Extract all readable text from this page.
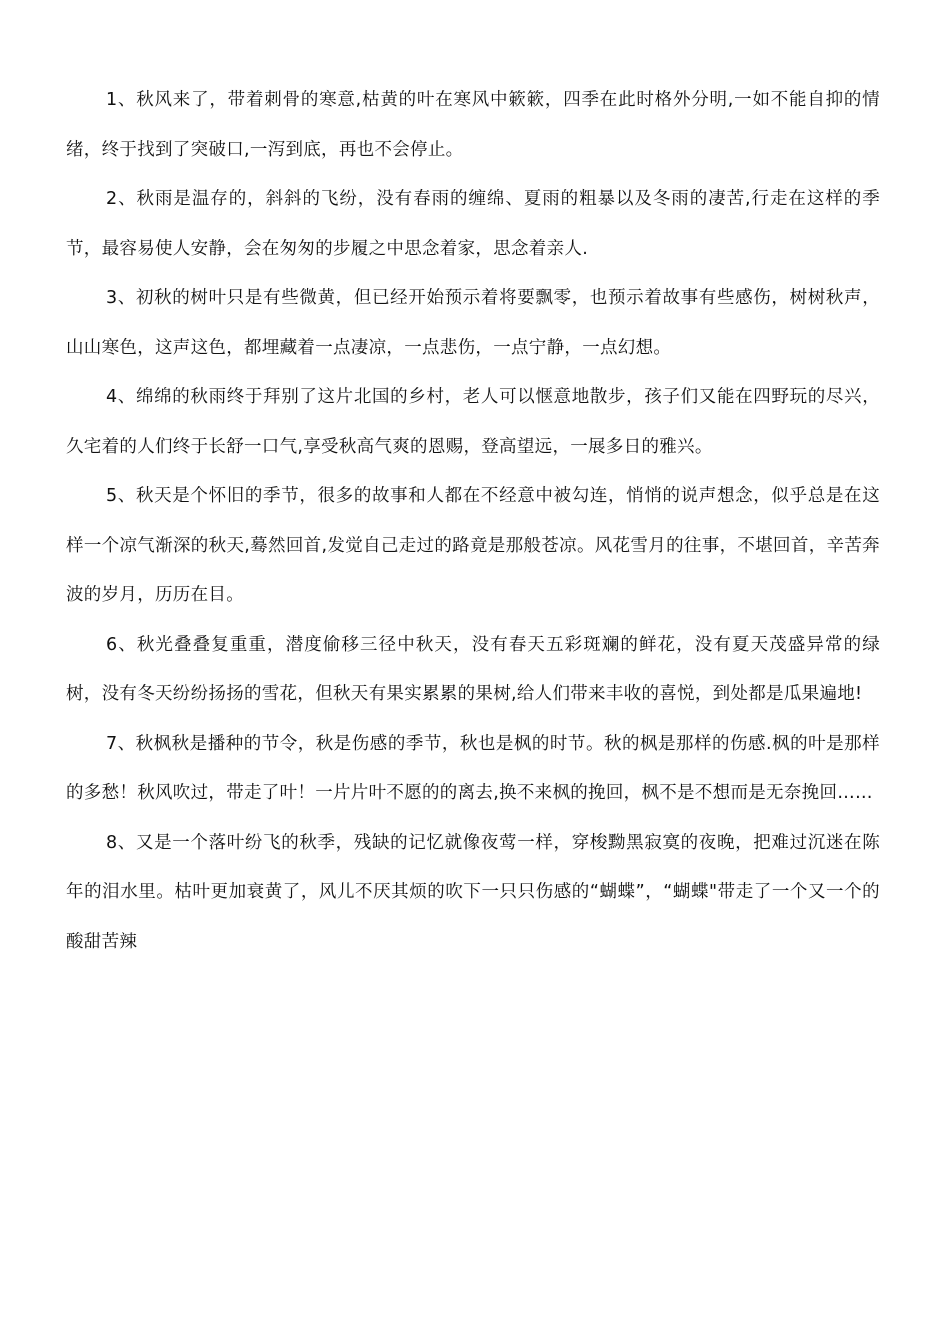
1、秋风来了，带着刺骨的寒意,枯黄的叶在寒风中簌簌，四季在此时格外分明,一如不能自抑的情绪，终于找到了突破口,一泻到底，再也不会停止。

2、秋雨是温存的，斜斜的飞纷，没有春雨的缠绵、夏雨的粗暴以及冬雨的凄苦,行走在这样的季节，最容易使人安静，会在匆匆的步履之中思念着家，思念着亲人.

3、初秋的树叶只是有些微黄，但已经开始预示着将要飘零，也预示着故事有些感伤，树树秋声，山山寒色，这声这色，都埋藏着一点凄凉，一点悲伤，一点宁静，一点幻想。

4、绵绵的秋雨终于拜别了这片北国的乡村，老人可以惬意地散步，孩子们又能在四野玩的尽兴，久宅着的人们终于长舒一口气,享受秋高气爽的恩赐，登高望远，一展多日的雅兴。

5、秋天是个怀旧的季节，很多的故事和人都在不经意中被勾连，悄悄的说声想念，似乎总是在这样一个凉气渐深的秋天,蓦然回首,发觉自己走过的路竟是那般苍凉。风花雪月的往事，不堪回首，辛苦奔波的岁月，历历在目。

6、秋光叠叠复重重，潜度偷移三径中秋天，没有春天五彩斑斓的鲜花，没有夏天茂盛异常的绿树，没有冬天纷纷扬扬的雪花，但秋天有果实累累的果树,给人们带来丰收的喜悦，到处都是瓜果遍地!

7、秋枫秋是播种的节令，秋是伤感的季节，秋也是枫的时节。秋的枫是那样的伤感.枫的叶是那样的多愁！秋风吹过，带走了叶！一片片叶不愿的的离去,换不来枫的挽回，枫不是不想而是无奈挽回……

8、又是一个落叶纷飞的秋季，残缺的记忆就像夜莺一样，穿梭黝黑寂寞的夜晚，把难过沉迷在陈年的泪水里。枯叶更加衰黄了，风儿不厌其烦的吹下一只只伤感的“蝴蝶”，“蝴蝶"带走了一个又一个的酸甜苦辣
